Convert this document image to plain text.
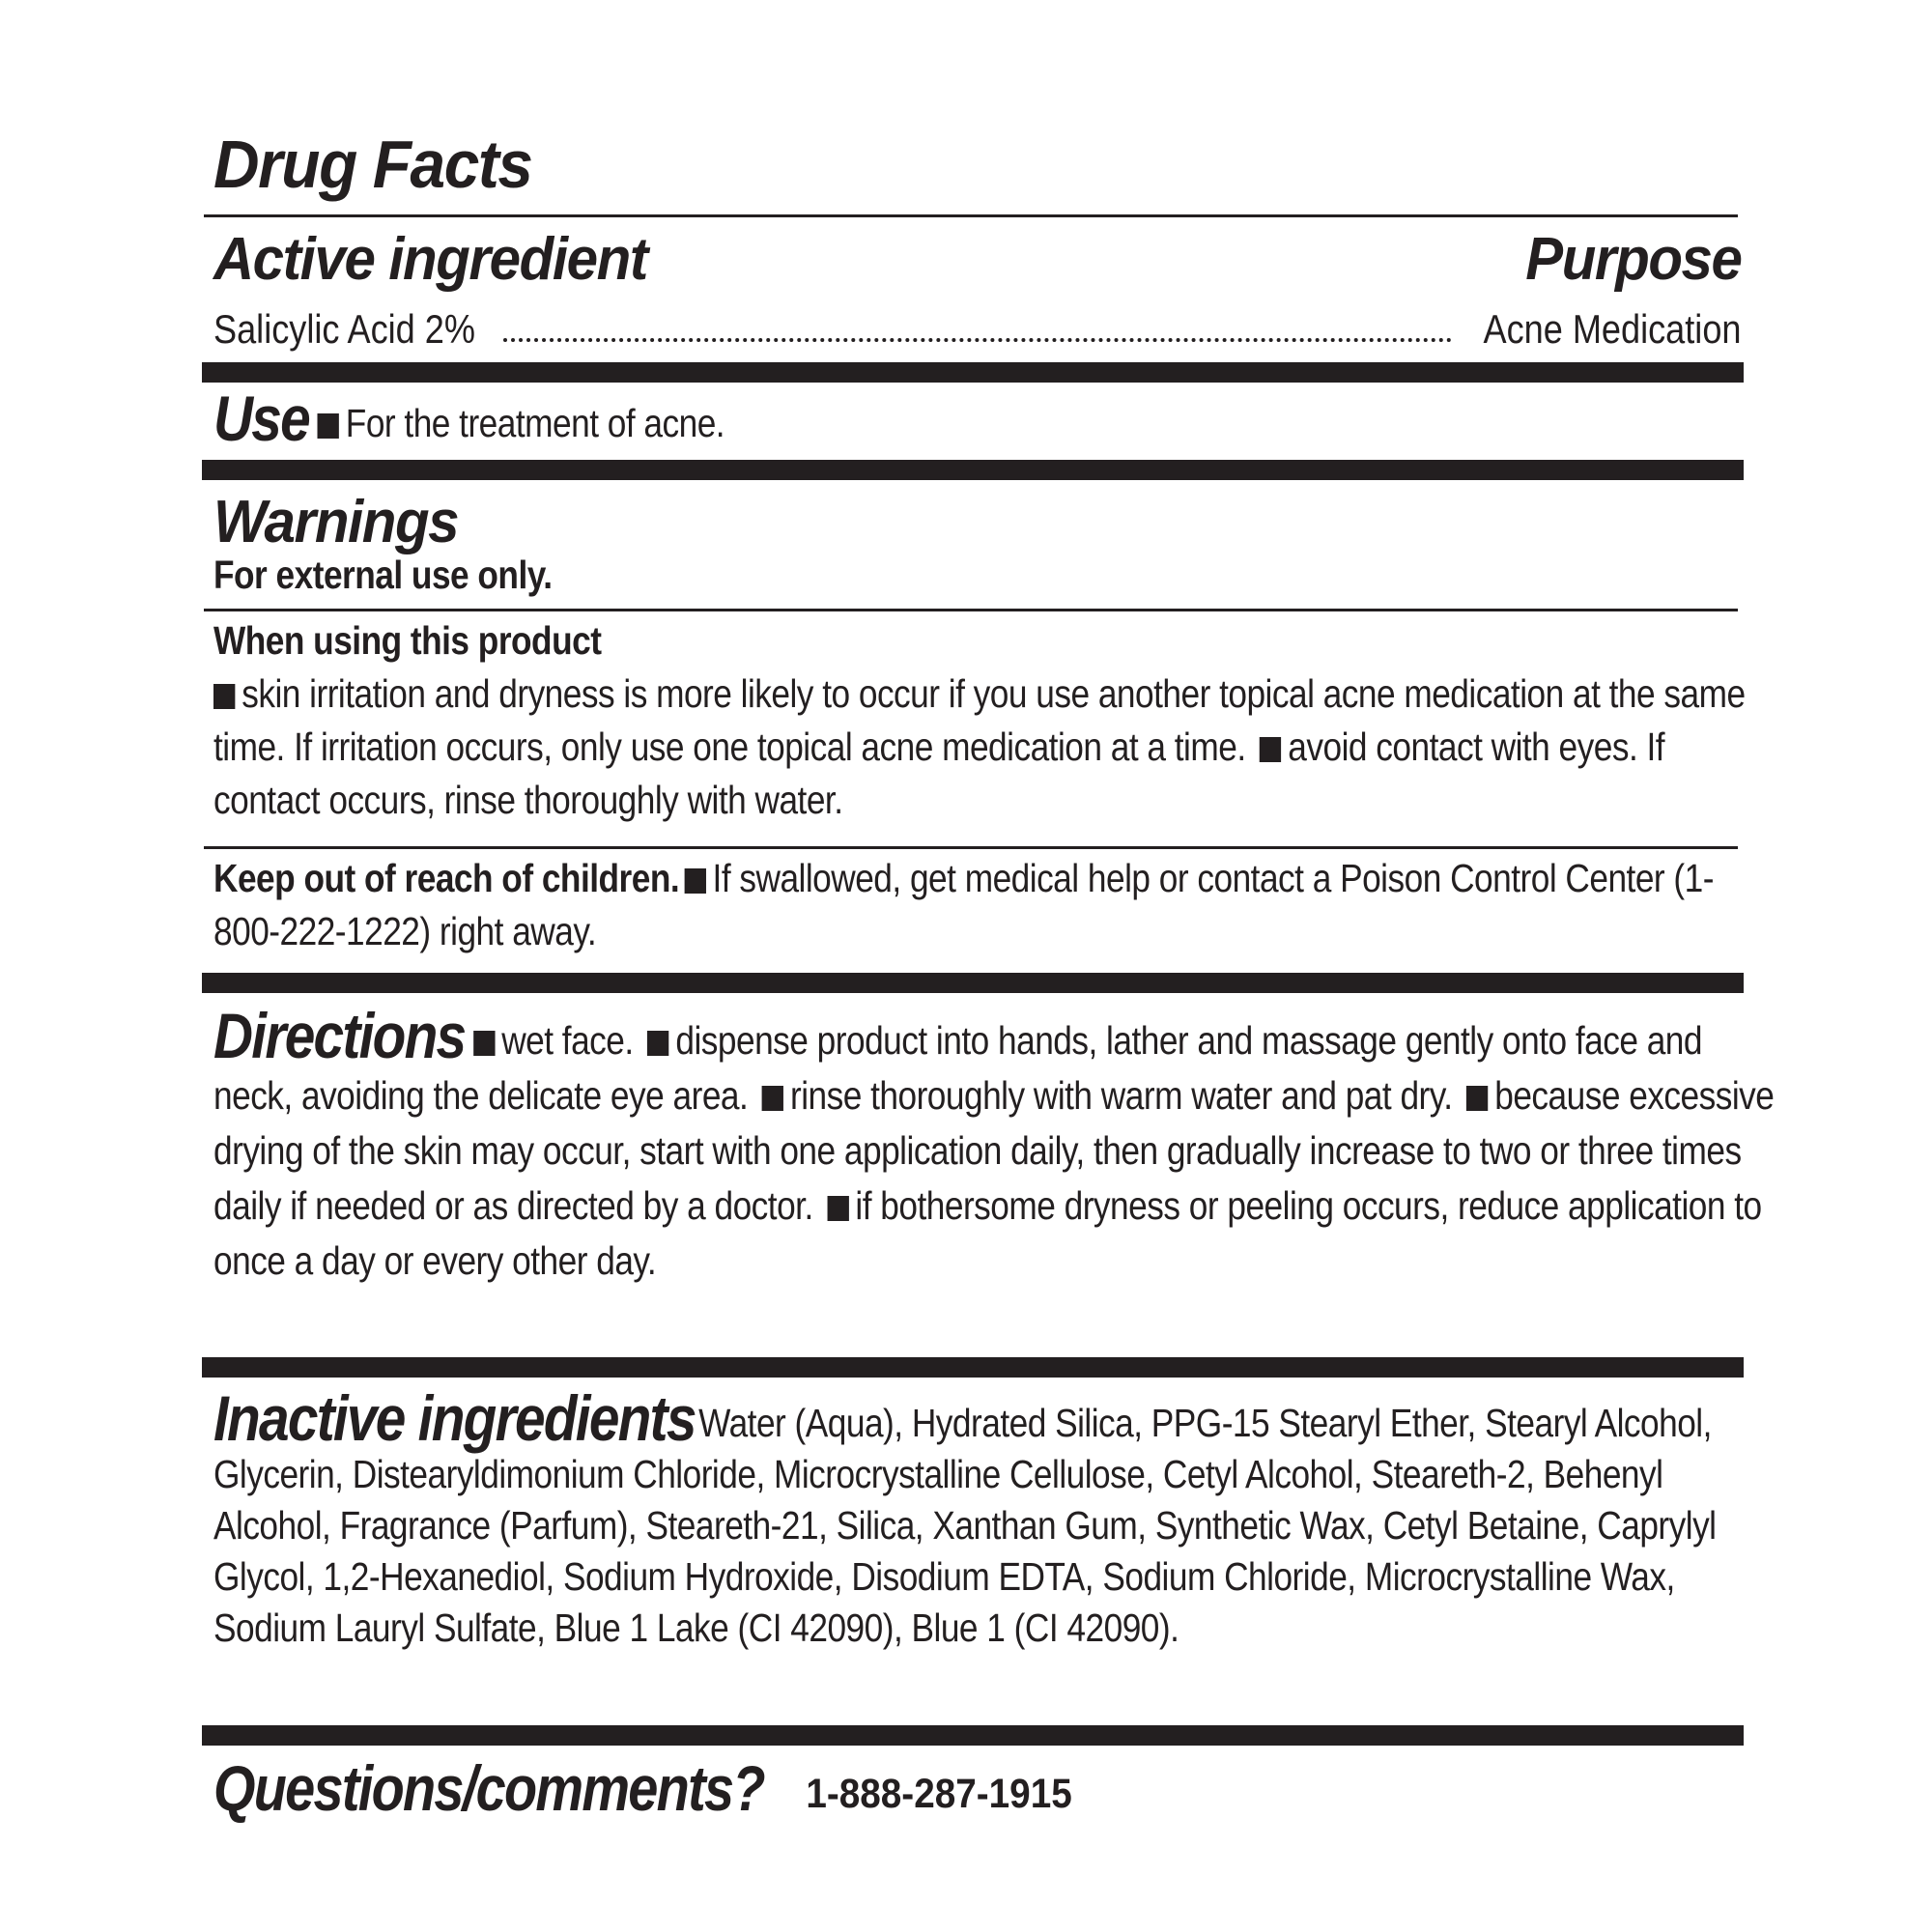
Drug Facts
Active ingredient	Purpose
Salicylic Acid 2%	Acne Medication
Use For the treatment of acne.
Warnings
For external use only.
When using this product
skin irritation and dryness is more likely to occur if you use another topical acne medication at the same time. If irritation occurs, only use one topical acne medication at a time. avoid contact with eyes. If contact occurs, rinse thoroughly with water.
Keep out of reach of children. If swallowed, get medical help or contact a Poison Control Center (1-800-222-1222) right away.
Directions wet face. dispense product into hands, lather and massage gently onto face and neck, avoiding the delicate eye area. rinse thoroughly with warm water and pat dry. because excessive drying of the skin may occur, start with one application daily, then gradually increase to two or three times daily if needed or as directed by a doctor. if bothersome dryness or peeling occurs, reduce application to once a day or every other day.
Inactive ingredientsWater (Aqua), Hydrated Silica, PPG-15 Stearyl Ether, Stearyl Alcohol, Glycerin, Distearyldimonium Chloride, Microcrystalline Cellulose, Cetyl Alcohol, Steareth-2, Behenyl Alcohol, Fragrance (Parfum), Steareth-21, Silica, Xanthan Gum, Synthetic Wax, Cetyl Betaine, Caprylyl Glycol, 1,2-Hexanediol, Sodium Hydroxide, Disodium EDTA, Sodium Chloride, Microcrystalline Wax, Sodium Lauryl Sulfate, Blue 1 Lake (CI 42090), Blue 1 (CI 42090).
Questions/comments? 1-888-287-1915
